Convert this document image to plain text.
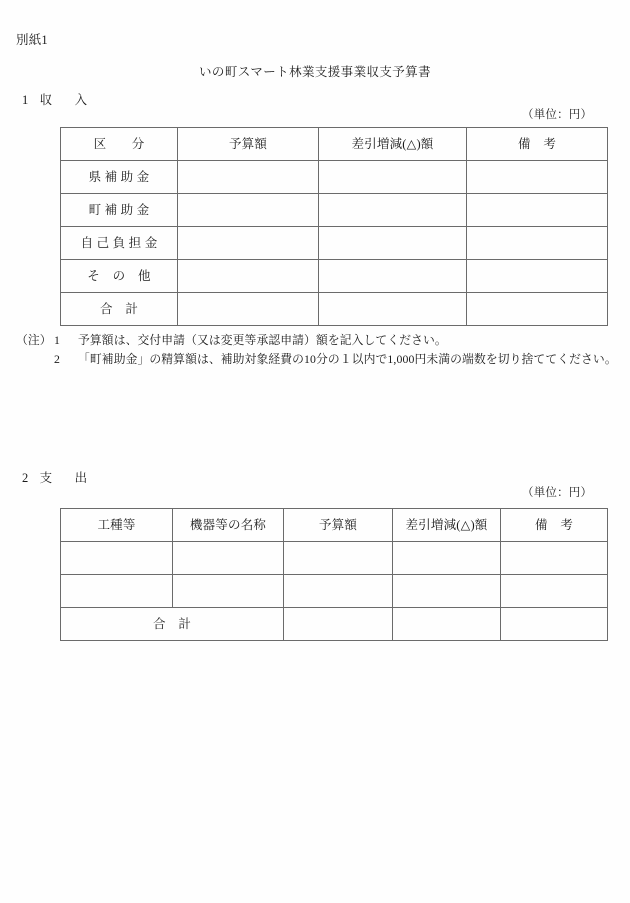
別紙1
いの町スマート林業支援事業収支予算書
1 収　入
（単位：円）
区　　分	予算額	差引増減(△)額	備　考
県 補 助 金			
町 補 助 金			
自 己 負 担 金			
そ　の　他			
合　計			
（注） 1	予算額は、交付申請（又は変更等承認申請）額を記入してください。
2	「町補助金」の精算額は、補助対象経費の10分の１以内で1,000円未満の端数を切り捨ててください。
2 支　出
（単位：円）
工種等	機器等の名称	予算額	差引増減(△)額	備　考

合　計				
